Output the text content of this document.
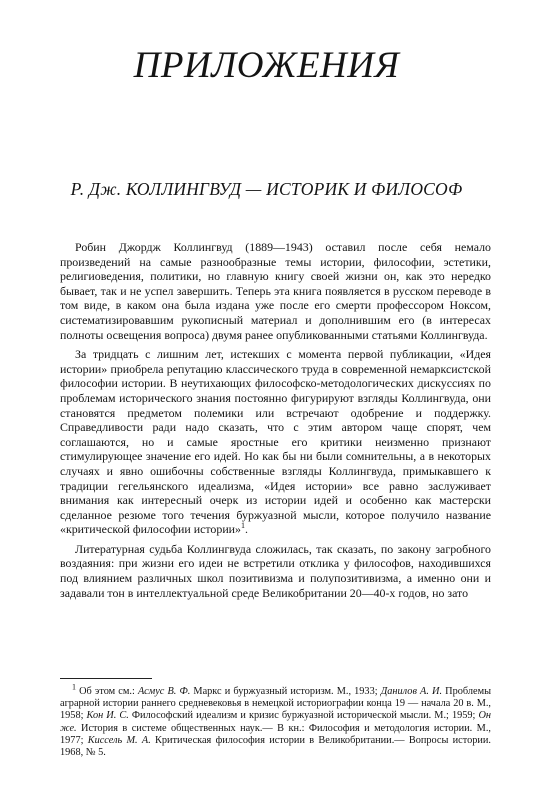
ПРИЛОЖЕНИЯ
Р. Дж. КОЛЛИНГВУД — ИСТОРИК И ФИЛОСОФ

Робин Джордж Коллингвуд (1889—1943) оставил после себя немало произведений на самые разнообразные темы истории, философии, эстетики, религиоведения, политики, но главную книгу своей жизни он, как это нередко бывает, так и не успел завершить. Теперь эта книга появляется в русском переводе в том виде, в каком она была издана уже после его смерти профессором Ноксом, систематизировавшим рукописный материал и дополнившим его (в интересах полноты освещения вопроса) двумя ранее опубликованными статьями Коллингвуда.

За тридцать с лишним лет, истекших с момента первой публикации, «Идея истории» приобрела репутацию классического труда в современной немарксистской философии истории. В неутихающих философско-методологических дискуссиях по проблемам исторического знания постоянно фигурируют взгляды Коллингвуда, они становятся предметом полемики или встречают одобрение и поддержку. Справедливости ради надо сказать, что с этим автором чаще спорят, чем соглашаются, но и самые яростные его критики неизменно признают стимулирующее значение его идей. Но как бы ни были сомнительны, а в некоторых случаях и явно ошибочны собственные взгляды Коллингвуда, примыкавшего к традиции гегельянского идеализма, «Идея истории» все равно заслуживает внимания как интересный очерк из истории идей и особенно как мастерски сделанное резюме того течения буржуазной мысли, которое получило название «критической философии истории»$^1$.

Литературная судьба Коллингвуда сложилась, так сказать, по закону загробного воздаяния: при жизни его идеи не встретили отклика у философов, находившихся под влиянием различных школ позитивизма и полупозитивизма, а именно они и задавали тон в интеллектуальной среде Великобритании 20—40-х годов, но зато

$^1$ Об этом см.: Асмус В. Ф. Маркс и буржуазный историзм. М., 1933; Данилов А. И. Проблемы аграрной истории раннего средневековья в немецкой историографии конца 19 — начала 20 в. М., 1958; Кон И. С. Философский идеализм и кризис буржуазной исторической мысли. М.; 1959; Он же. История в системе общественных наук.— В кн.: Философия и методология истории. М., 1977; Киссель М. А. Критическая философия истории в Великобритании.— Вопросы истории. 1968, № 5.
